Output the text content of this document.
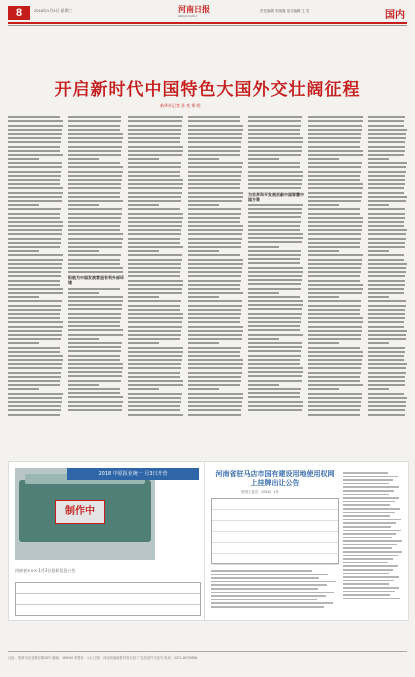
8	2018年1月3日 星期三	河南日报
HENAN DAILY
责任编辑 史晓磊 见习编辑 王 雪	国内
开启新时代中国特色大国外交壮阔征程
新华社记者 孙 奕 郑 明
积极为中国发展营造有利外部环境
为世界和平发展贡献中国智慧中国方案
制作中
2018 中原报业统一 月3日开营
河南省××× 1月3日招标信息公告
河南省驻马店市国有建设用地使用权网上挂牌出让公告
驻国土挂告〔2018〕1号
社址：郑州市农业路东路28号 邮编：450046 零售价：1元 订阅：河南省邮政报刊发行局 广告经营许可证号 电话：0371-65795555
